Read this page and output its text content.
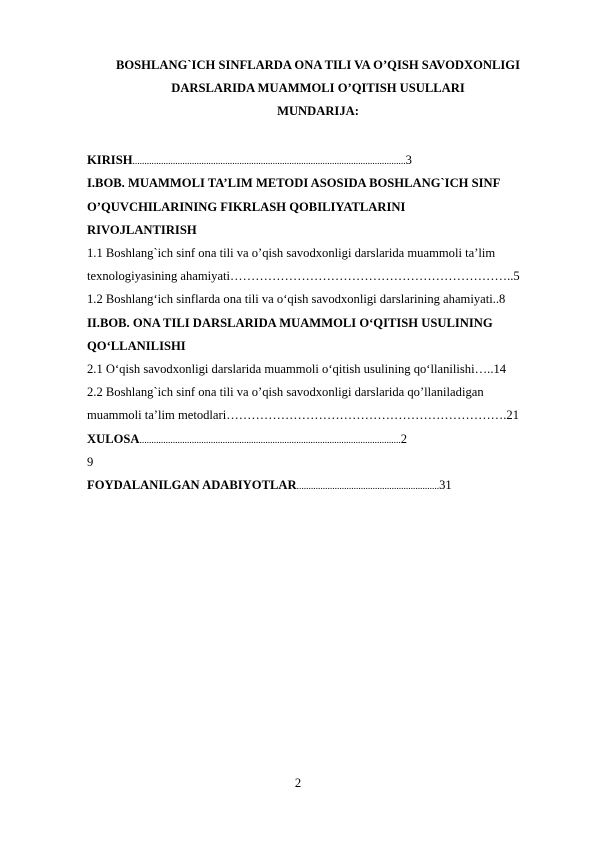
BOSHLANG`ICH SINFLARDA ONA TILI VA O’QISH SAVODXONLIGI
DARSLARIDA MUAMMOLI O’QITISH USULLARI
MUNDARIJA:
KIRISH...................................................................................................................3
I.BOB. MUAMMOLI TA’LIM METODI ASOSIDA BOSHLANG`ICH SINF
O’QUVCHILARINING FIKRLASH QOBILIYATLARINI
RIVOJLANTIRISH
1.1 Boshlang`ich sinf ona tili va o’qish savodxonligi darslarida muammoli ta’lim
texnologiyasining ahamiyati…………………………………………………………..5
1.2 Boshlang‘ich sinflarda ona tili va o‘qish savodxonligi darslarining ahamiyati..8
II.BOB. ONA TILI DARSLARIDA MUAMMOLI O‘QITISH USULINING
QO‘LLANILISHI
2.1 O‘qish savodxonligi darslarida muammoli o‘qitish usulining qo‘llanilishi…..14
2.2 Boshlang`ich sinf ona tili va o’qish savodxonligi darslarida qo’llaniladigan
muammoli ta’lim metodlari………………………………………………………….21
XULOSA..............................................................................................................2
9
FOYDALANILGAN ADABIYOTLAR............................................................31
2
